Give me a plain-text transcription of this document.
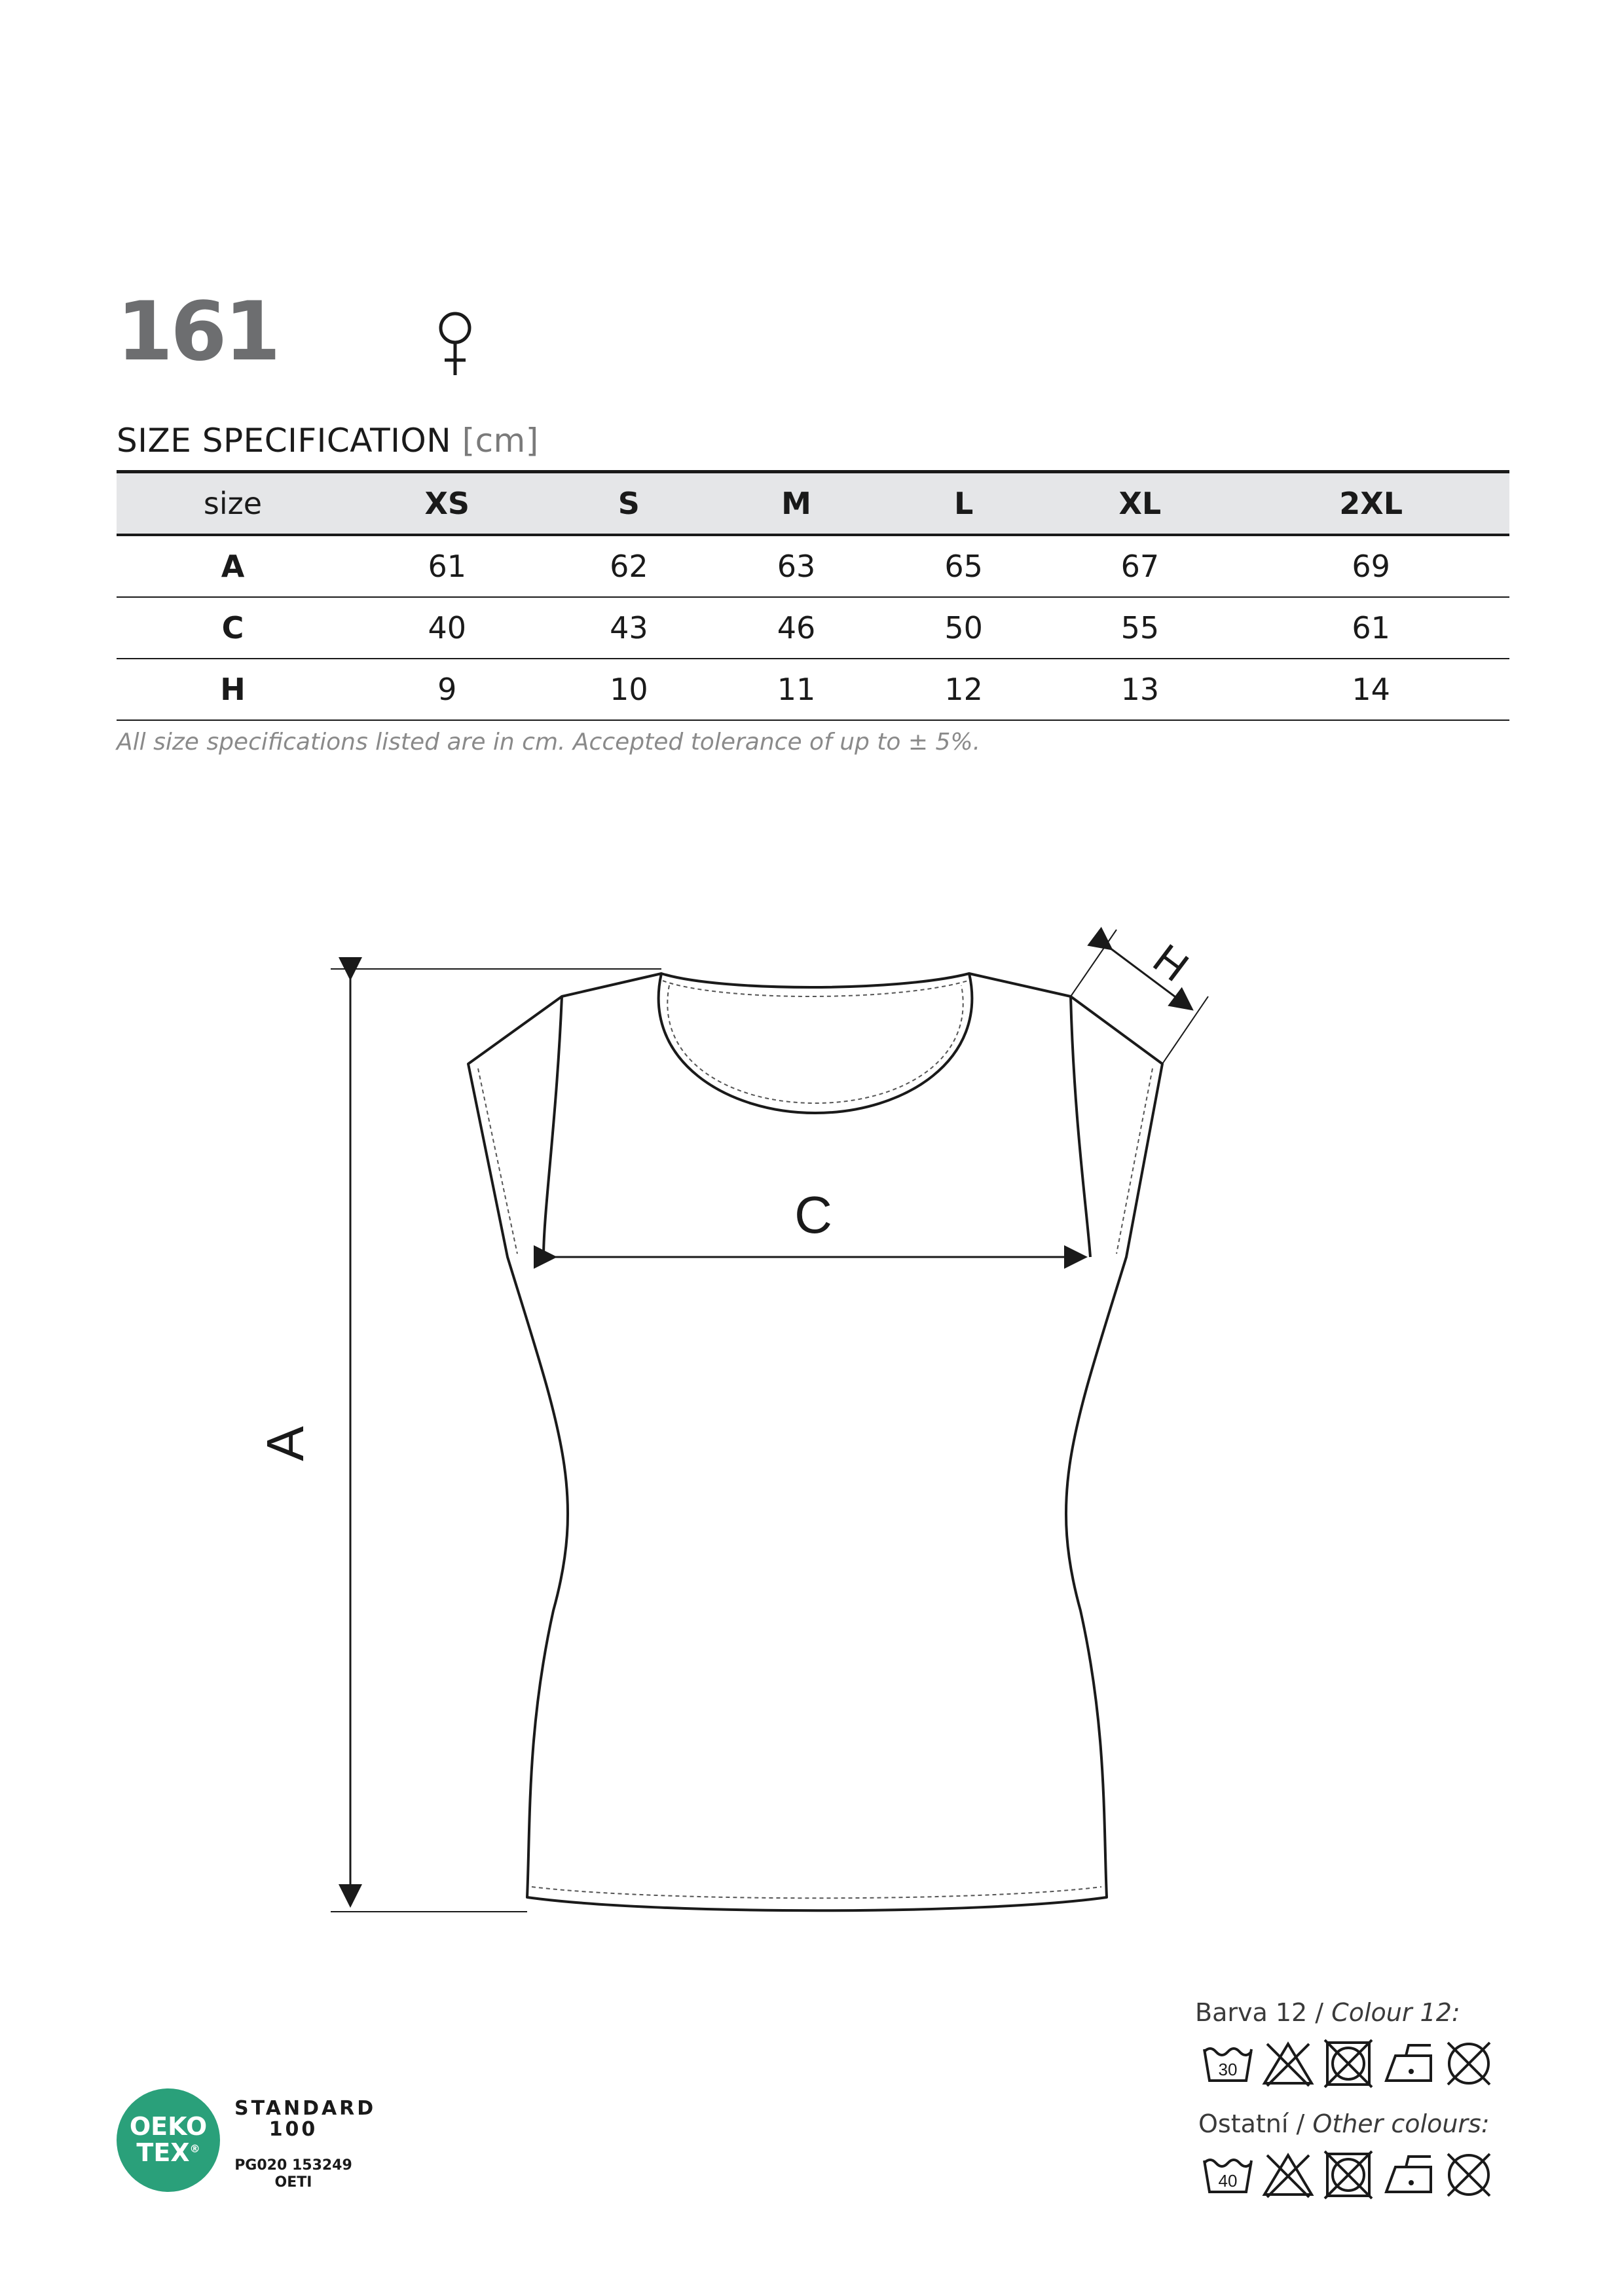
161
SIZE SPECIFICATION [cm]
size	XS	S	M	L	XL	2XL
A	61	62	63	65	67	69
C	40	43	46	50	55	61
H	9	10	11	12	13	14
All size specifications listed are in cm. Accepted tolerance of up to ± 5%.
A
C
H
Barva 12 / Colour 12:
30
Ostatní / Other colours:
40
OEKO
TEX®
STANDARD
100
PG020 153249
OETI
